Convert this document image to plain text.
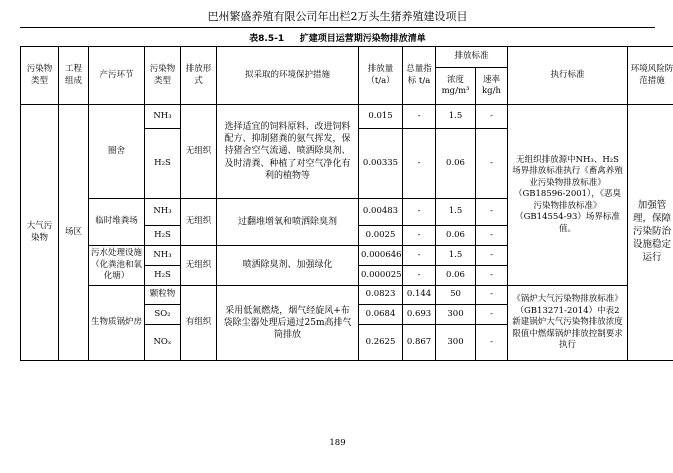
巴州繁盛养殖有限公司年出栏2万头生猪养殖建设项目
表8.5-1 扩建项目运营期污染物排放清单
污染物类型	工程组成	产污环节	污染物类型	排放形式	拟采取的环境保护措施	排放量（t/a）	总量指标 t/a	排放标准		执行标准	环境风险防范措施
								浓度 mg/m³	速率 kg/h		
大气污染物	场区	圈舍	NH₃	无组织	选择适宜的饲料原料、改进饲料配方、抑制猪粪的氨气挥发，保持猪舍空气流通、喷洒除臭剂、及时清粪、种植了对空气净化有利的植物等	0.015	-	1.5	-	无组织排放源中NH₃、H₂S场界排放标准执行《畜禽养殖业污染物排放标准》（GB18596-2001），《恶臭污染物排放标准》（GB14554-93）场界标准值。	加强管理，保障污染防治设施稳定运行
			H₂S			0.00335	-	0.06	-		
		临时堆粪场	NH₃	无组织	过翻堆增氧和喷洒除臭剂	0.00483	-	1.5	-		
			H₂S			0.0025	-	0.06	-		
		污水处理设施（化粪池和氧化塘）	NH₃	无组织	喷洒除臭剂、加强绿化	0.000646	-	1.5	-		
			H₂S			0.000025	-	0.06	-		
		生物质锅炉房	颗粒物	有组织	采用低氮燃烧，烟气经旋风+布袋除尘器处理后通过25m高排气筒排放	0.0823	0.144	50	-	《锅炉大气污染物排放标准》（GB13271-2014）中表2新建锅炉大气污染物排放浓度限值中燃煤锅炉排放控制要求执行	
			SO₂			0.0684	0.693	300	-		
			NOₓ			0.2625	0.867	300	-		
189
